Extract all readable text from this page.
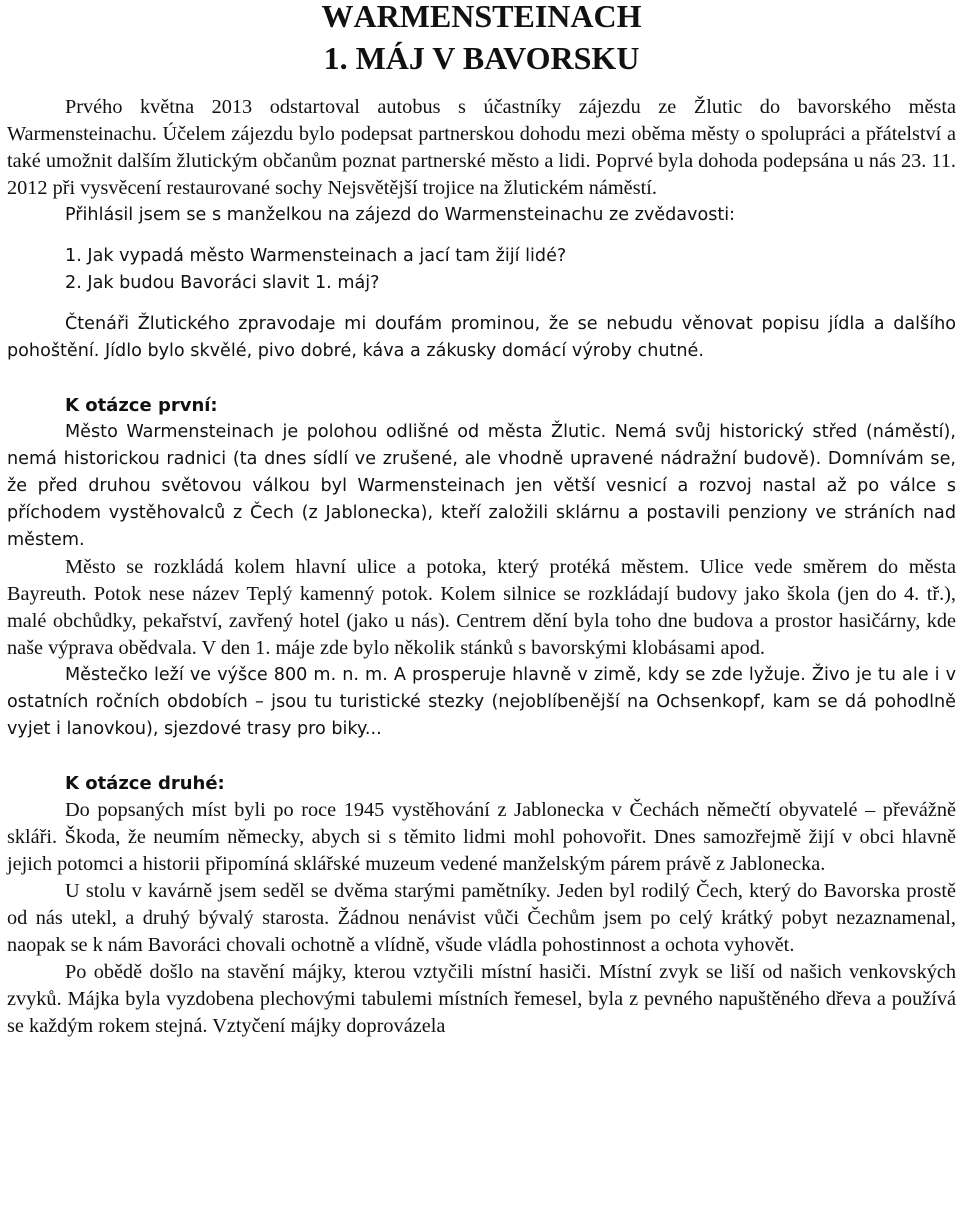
WARMENSTEINACH
1. MÁJ V BAVORSKU

Prvého května 2013 odstartoval autobus s účastníky zájezdu ze Žlutic do bavorského města Warmensteinachu. Účelem zájezdu bylo podepsat partnerskou dohodu mezi oběma městy o spolupráci a přátelství a také umožnit dalším žlutickým občanům poznat partnerské město a lidi. Poprvé byla dohoda podepsána u nás 23. 11. 2012 při vysvěcení restaurované sochy Nejsvětější trojice na žlutickém náměstí.

Přihlásil jsem se s manželkou na zájezd do Warmensteinachu ze zvědavosti:

1. Jak vypadá město Warmensteinach a jací tam žijí lidé?
2. Jak budou Bavoráci slavit 1. máj?

Čtenáři Žlutického zpravodaje mi doufám prominou, že se nebudu věnovat popisu jídla a dalšího pohoštění. Jídlo bylo skvělé, pivo dobré, káva a zákusky domácí výroby chutné.

K otázce první:

Město Warmensteinach je polohou odlišné od města Žlutic. Nemá svůj historický střed (náměstí), nemá historickou radnici (ta dnes sídlí ve zrušené, ale vhodně upravené nádražní budově). Domnívám se, že před druhou světovou válkou byl Warmensteinach jen větší vesnicí a rozvoj nastal až po válce s příchodem vystěhovalců z Čech (z Jablonecka), kteří založili sklárnu a postavili penziony ve stráních nad městem.

Město se rozkládá kolem hlavní ulice a potoka, který protéká městem. Ulice vede směrem do města Bayreuth. Potok nese název Teplý kamenný potok. Kolem silnice se rozkládají budovy jako škola (jen do 4. tř.), malé obchůdky, pekařství, zavřený hotel (jako u nás). Centrem dění byla toho dne budova a prostor hasičárny, kde naše výprava obědvala. V den 1. máje zde bylo několik stánků s bavorskými klobásami apod.

Městečko leží ve výšce 800 m. n. m. A prosperuje hlavně v zimě, kdy se zde lyžuje. Živo je tu ale i v ostatních ročních obdobích – jsou tu turistické stezky (nejoblíbenější na Ochsenkopf, kam se dá pohodlně vyjet i lanovkou), sjezdové trasy pro biky...

K otázce druhé:

Do popsaných míst byli po roce 1945 vystěhování z Jablonecka v Čechách němečtí obyvatelé – převážně skláři. Škoda, že neumím německy, abych si s těmito lidmi mohl pohovořit. Dnes samozřejmě žijí v obci hlavně jejich potomci a historii připomíná sklářské muzeum vedené manželským párem právě z Jablonecka.

U stolu v kavárně jsem seděl se dvěma starými pamětníky. Jeden byl rodilý Čech, který do Bavorska prostě od nás utekl, a druhý bývalý starosta. Žádnou nenávist vůči Čechům jsem po celý krátký pobyt nezaznamenal, naopak se k nám Bavoráci chovali ochotně a vlídně, všude vládla pohostinnost a ochota vyhovět.

Po obědě došlo na stavění májky, kterou vztyčili místní hasiči. Místní zvyk se liší od našich venkovských zvyků. Májka byla vyzdobena plechovými tabulemi místních řemesel, byla z pevného napuštěného dřeva a používá se každým rokem stejná. Vztyčení májky doprovázela
